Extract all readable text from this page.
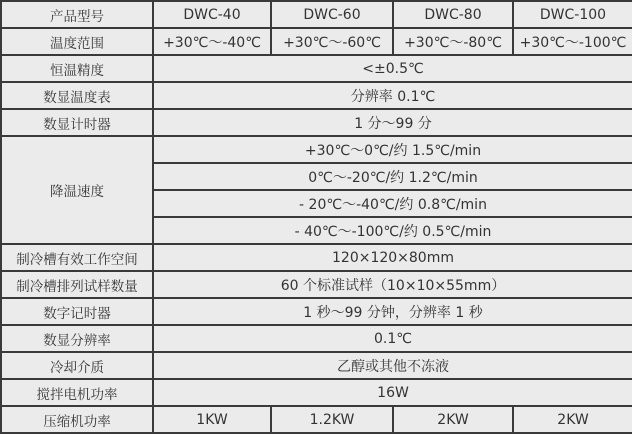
产品型号	DWC-40	DWC-60	DWC-80	DWC-100
温度范围	+30℃～-40℃	+30℃～-60℃	+30℃～-80℃	+30℃～-100℃
恒温精度	<±0.5℃			
数显温度表	分辨率 0.1℃			
数显计时器	1 分～99 分			
降温速度	+30℃～0℃/约 1.5℃/min			
	0℃～-20℃/约 1.2℃/min			
	- 20℃～-40℃/约 0.8℃/min			
	- 40℃～-100℃/约 0.5℃/min			
制冷槽有效工作空间	120×120×80mm			
制冷槽排列试样数量	60 个标准试样（10×10×55mm）			
数字记时器	1 秒～99 分钟，分辨率 1 秒			
数显分辨率	0.1℃			
冷却介质	乙醇或其他不冻液			
搅拌电机功率	16W			
压缩机功率	1KW	1.2KW	2KW	2KW
